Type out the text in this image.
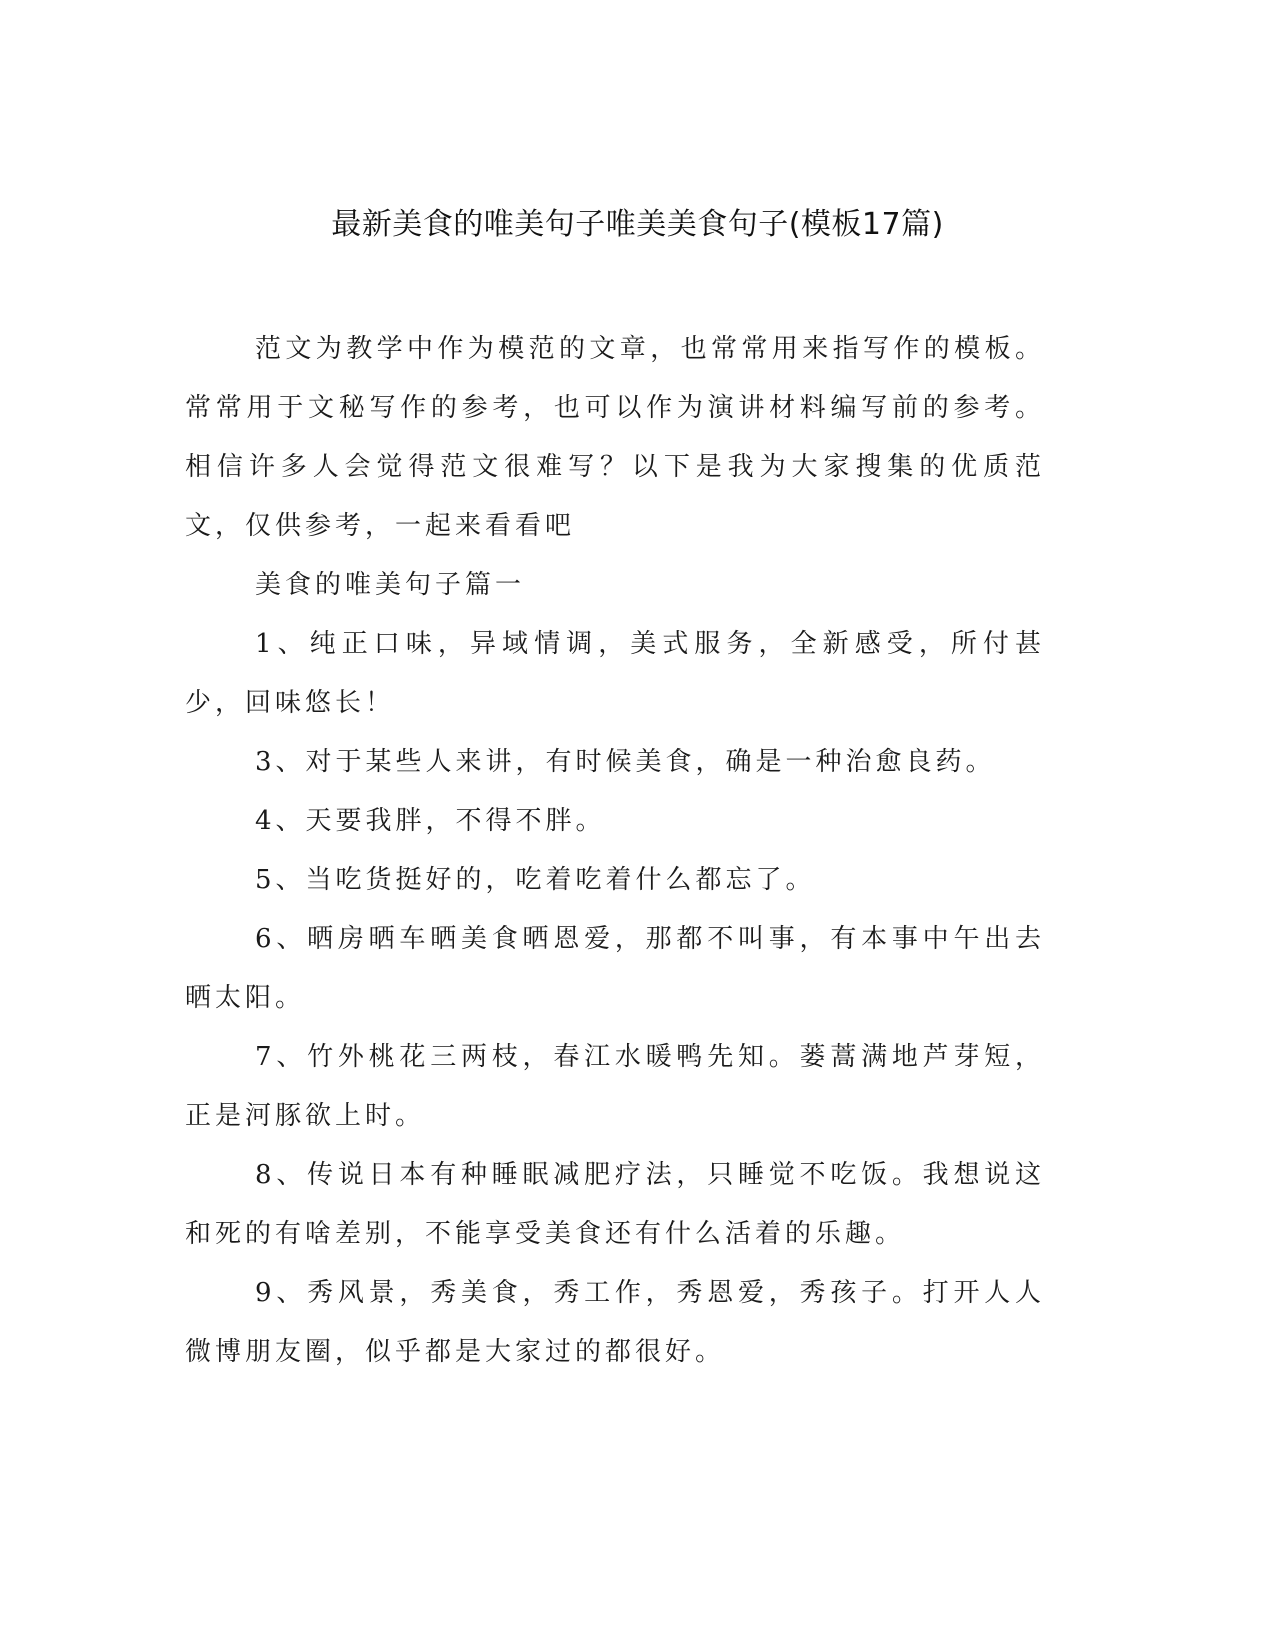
最新美食的唯美句子唯美美食句子(模板17篇)

范文为教学中作为模范的文章，也常常用来指写作的模板。常常用于文秘写作的参考，也可以作为演讲材料编写前的参考。相信许多人会觉得范文很难写？以下是我为大家搜集的优质范文，仅供参考，一起来看看吧

美食的唯美句子篇一

1、纯正口味，异域情调，美式服务，全新感受，所付甚少，回味悠长！

3、对于某些人来讲，有时候美食，确是一种治愈良药。

4、天要我胖，不得不胖。

5、当吃货挺好的，吃着吃着什么都忘了。

6、晒房晒车晒美食晒恩爱，那都不叫事，有本事中午出去晒太阳。

7、竹外桃花三两枝，春江水暖鸭先知。蒌蒿满地芦芽短，正是河豚欲上时。

8、传说日本有种睡眠减肥疗法，只睡觉不吃饭。我想说这和死的有啥差别，不能享受美食还有什么活着的乐趣。

9、秀风景，秀美食，秀工作，秀恩爱，秀孩子。打开人人微博朋友圈，似乎都是大家过的都很好。
